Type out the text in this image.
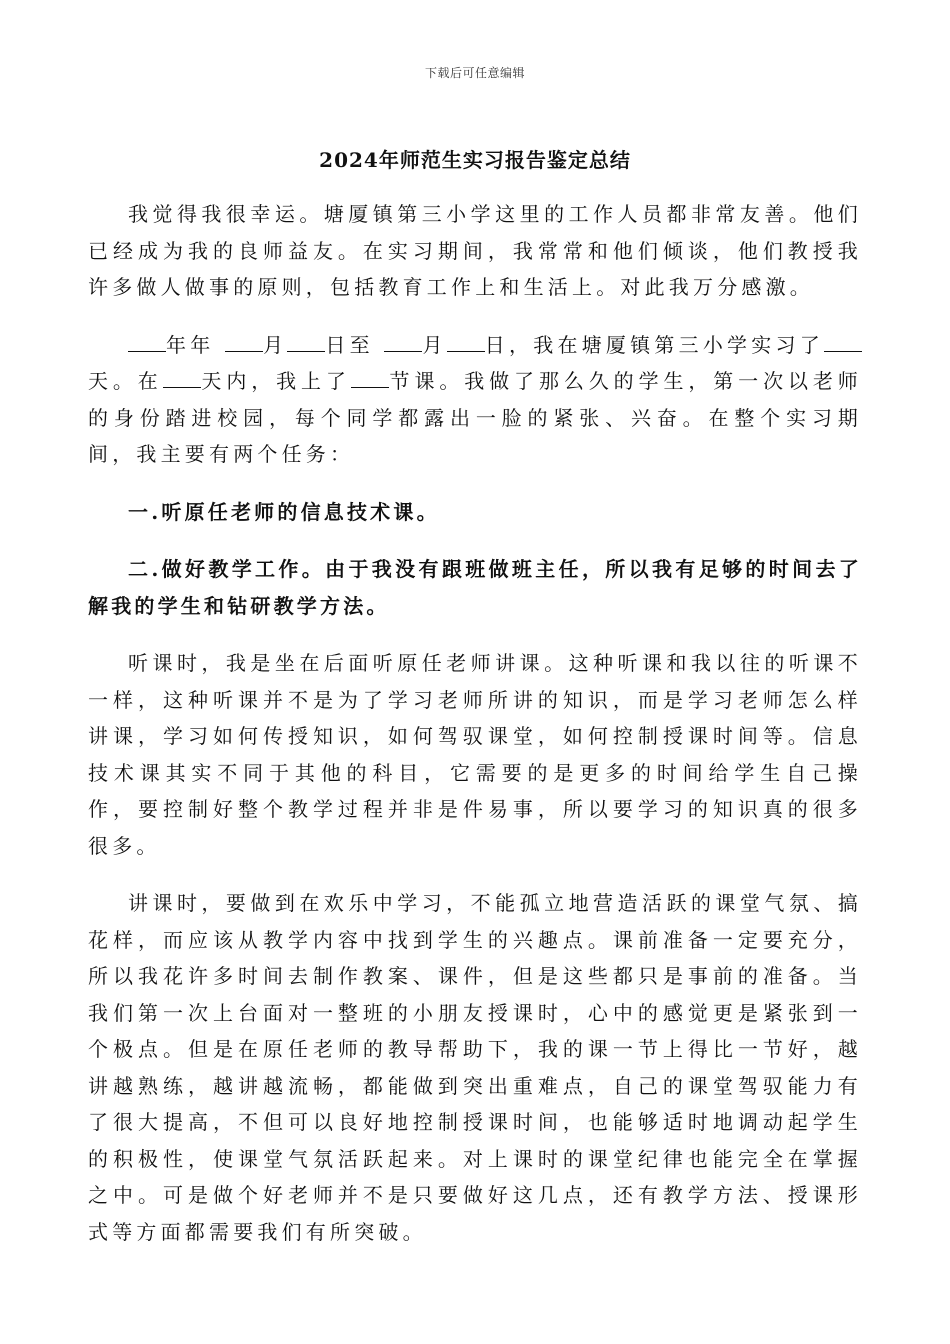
下载后可任意编辑
2024年师范生实习报告鉴定总结

我觉得我很幸运。塘厦镇第三小学这里的工作人员都非常友善。他们已经成为我的良师益友。在实习期间，我常常和他们倾谈，他们教授我许多做人做事的原则，包括教育工作上和生活上。对此我万分感激。

年年 月 日至 月 日，我在塘厦镇第三小学实习了天。在 天内，我上了 节课。我做了那么久的学生，第一次以老师的身份踏进校园，每个同学都露出一脸的紧张、兴奋。在整个实习期间，我主要有两个任务：

一.听原任老师的信息技术课。

二.做好教学工作。由于我没有跟班做班主任，所以我有足够的时间去了解我的学生和钻研教学方法。

听课时，我是坐在后面听原任老师讲课。这种听课和我以往的听课不一样，这种听课并不是为了学习老师所讲的知识，而是学习老师怎么样讲课，学习如何传授知识，如何驾驭课堂，如何控制授课时间等。信息技术课其实不同于其他的科目，它需要的是更多的时间给学生自己操作，要控制好整个教学过程并非是件易事，所以要学习的知识真的很多很多。

讲课时，要做到在欢乐中学习，不能孤立地营造活跃的课堂气氛、搞花样，而应该从教学内容中找到学生的兴趣点。课前准备一定要充分，所以我花许多时间去制作教案、课件，但是这些都只是事前的准备。当我们第一次上台面对一整班的小朋友授课时，心中的感觉更是紧张到一个极点。但是在原任老师的教导帮助下，我的课一节上得比一节好，越讲越熟练，越讲越流畅，都能做到突出重难点，自己的课堂驾驭能力有了很大提高，不但可以良好地控制授课时间，也能够适时地调动起学生的积极性，使课堂气氛活跃起来。对上课时的课堂纪律也能完全在掌握之中。可是做个好老师并不是只要做好这几点，还有教学方法、授课形式等方面都需要我们有所突破。
